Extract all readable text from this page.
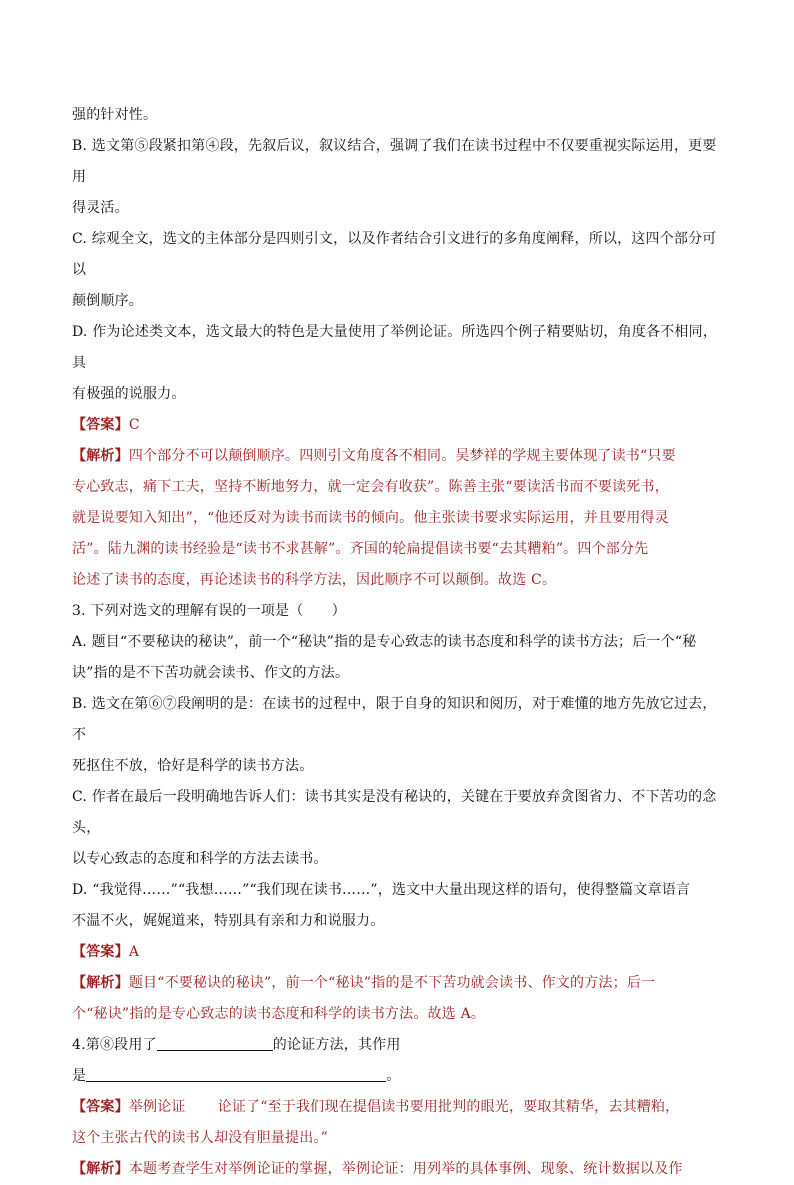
强的针对性。

B. 选文第⑤段紧扣第④段，先叙后议，叙议结合，强调了我们在读书过程中不仅要重视实际运用，更要用

得灵活。

C. 综观全文，选文的主体部分是四则引文，以及作者结合引文进行的多角度阐释，所以，这四个部分可以

颠倒顺序。

D. 作为论述类文本，选文最大的特色是大量使用了举例论证。所选四个例子精要贴切，角度各不相同，具

有极强的说服力。

【答案】C

【解析】四个部分不可以颠倒顺序。四则引文角度各不相同。吴梦祥的学规主要体现了读书“只要

专心致志，痛下工夫，坚持不断地努力，就一定会有收获”。陈善主张“要读活书而不要读死书，

就是说要知入知出”，“他还反对为读书而读书的倾向。他主张读书要求实际运用，并且要用得灵

活”。陆九渊的读书经验是“读书不求甚解”。齐国的轮扁提倡读书要“去其糟粕”。四个部分先

论述了读书的态度，再论述读书的科学方法，因此顺序不可以颠倒。故选 C。

3. 下列对选文的理解有误的一项是（　　）

A. 题目“不要秘诀的秘诀”，前一个“秘诀”指的是专心致志的读书态度和科学的读书方法；后一个“秘

诀”指的是不下苦功就会读书、作文的方法。

B. 选文在第⑥⑦段阐明的是：在读书的过程中，限于自身的知识和阅历，对于难懂的地方先放它过去，不

死抠住不放，恰好是科学的读书方法。

C. 作者在最后一段明确地告诉人们：读书其实是没有秘诀的，关键在于要放弃贪图省力、不下苦功的念头，

以专心致志的态度和科学的方法去读书。

D. “我觉得……”“我想……”“我们现在读书……”，选文中大量出现这样的语句，使得整篇文章语言

不温不火，娓娓道来，特别具有亲和力和说服力。

【答案】A

【解析】题目“不要秘诀的秘诀”，前一个“秘诀”指的是不下苦功就会读书、作文的方法；后一

个“秘诀”指的是专心致志的读书态度和科学的读书方法。故选 A。

4.第⑧段用了	的论证方法，其作用

是	。

【答案】举例论证 论证了“至于我们现在提倡读书要用批判的眼光，要取其精华，去其糟粕，

这个主张古代的读书人却没有胆量提出。”

【解析】本题考查学生对举例论证的掌握，举例论证：用列举的具体事例、现象、统计数据以及作
